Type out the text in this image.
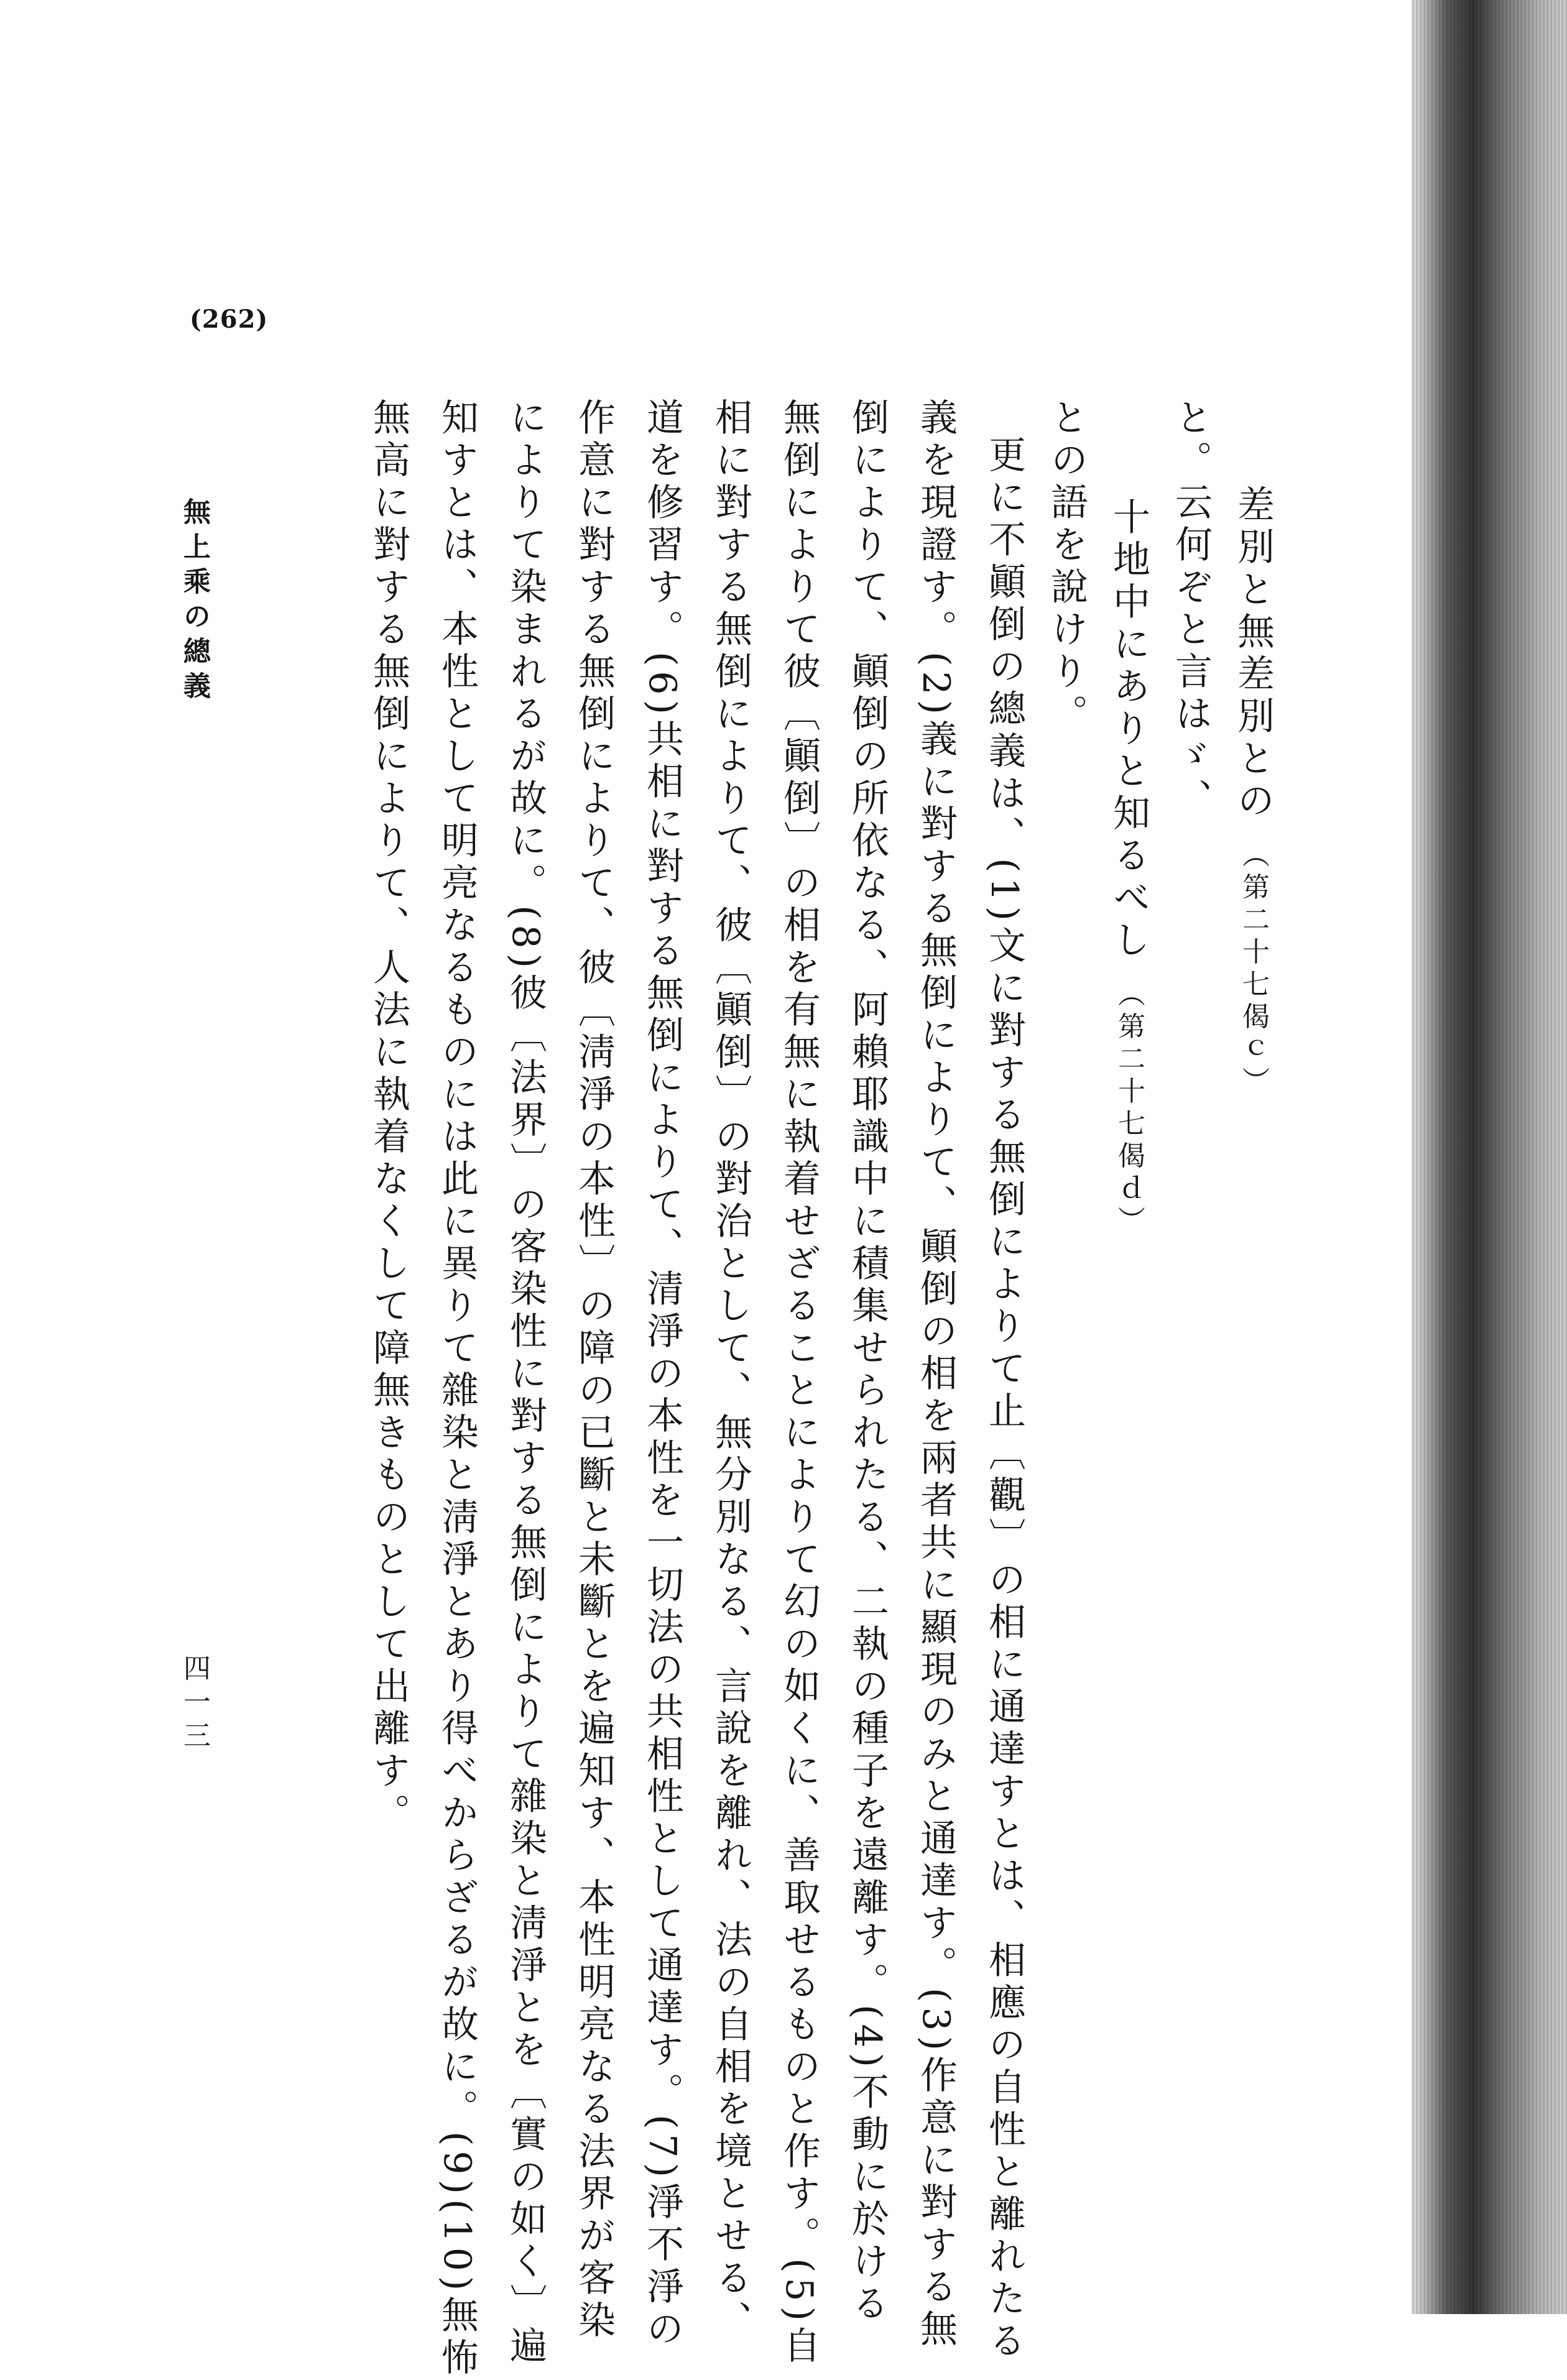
(262)
差別と無差別との （第二十七偈ｃ）
十地中にありと知るべし （第二十七偈ｄ）
と。云何ぞと言はゞ、
との語を說けり。
更に不顚倒の總義は、(1)文に對する無倒によりて止〔觀〕の相に通達すとは、相應の自性と離れたる
義を現證す。(2)義に對する無倒によりて、顚倒の相を兩者共に顯現のみと通達す。(3)作意に對する無
倒によりて、顚倒の所依なる、阿賴耶識中に積集せられたる、二執の種子を遠離す。(4)不動に於ける
無倒によりて彼〔顚倒〕の相を有無に執着せざることによりて幻の如くに、善取せるものと作す。(5)自
相に對する無倒によりて、彼〔顚倒〕の對治として、無分別なる、言說を離れ、法の自相を境とせる、
道を修習す。(6)共相に對する無倒によりて、清淨の本性を一切法の共相性として通達す。(7)淨不淨の
作意に對する無倒によりて、彼〔淸淨の本性〕の障の已斷と未斷とを遍知す、本性明亮なる法界が客染
によりて染まれるが故に。(8)彼〔法界〕の客染性に對する無倒によりて雜染と淸淨とを〔實の如く〕遍
知すとは、本性として明亮なるものには此に異りて雜染と淸淨とあり得べからざるが故に。(9)(10)無怖
無高に對する無倒によりて、人法に執着なくして障無きものとして出離す。
無上乘の總義
四一三
